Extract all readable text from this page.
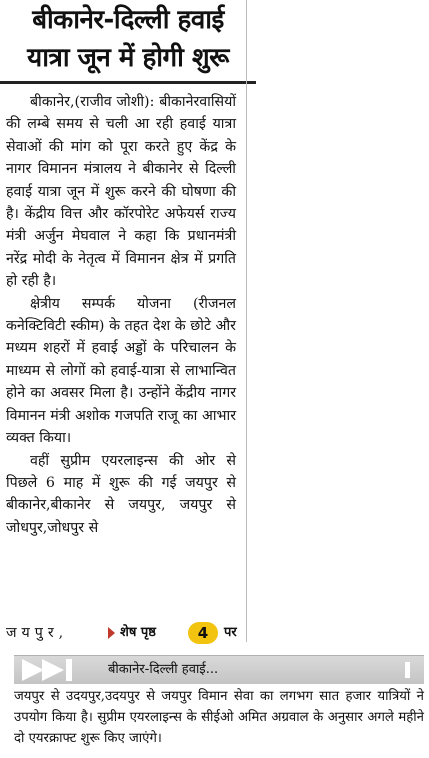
बीकानेर-दिल्ली हवाई
यात्रा जून में होगी शुरू

बीकानेर,(राजीव जोशी): बीकानेरवासियों की लम्बे समय से चली आ रही हवाई यात्रा सेवाओं की मांग को पूरा करते हुए केंद्र के नागर विमानन मंत्रालय ने बीकानेर से दिल्ली हवाई यात्रा जून में शुरू करने की घोषणा की है। केंद्रीय वित्त और कॉरपोरेट अफेयर्स राज्य मंत्री अर्जुन मेघवाल ने कहा कि प्रधानमंत्री नरेंद्र मोदी के नेतृत्व में विमानन क्षेत्र में प्रगति हो रही है।

क्षेत्रीय सम्पर्क योजना (रीजनल कनेक्टिविटी स्कीम) के तहत देश के छोटे और मध्यम शहरों में हवाई अड्डों के परिचालन के माध्यम से लोगों को हवाई-यात्रा से लाभान्वित होने का अवसर मिला है। उन्होंने केंद्रीय नागर विमानन मंत्री अशोक गजपति राजू का आभार व्यक्त किया।

वहीं सुप्रीम एयरलाइन्स की ओर से पिछले 6 माह में शुरू की गई जयपुर से बीकानेर,बीकानेर से जयपुर, जयपुर से जोधपुर,जोधपुर से

जयपुर,	शेष पृष्ठ	4	पर
बीकानेर-दिल्ली हवाई...

जयपुर से उदयपुर,उदयपुर से जयपुर विमान सेवा का लगभग सात हजार यात्रियों ने उपयोग किया है। सुप्रीम एयरलाइन्स के सीईओ अमित अग्रवाल के अनुसार अगले महीने दो एयरक्राफ्ट शुरू किए जाएंगे।
